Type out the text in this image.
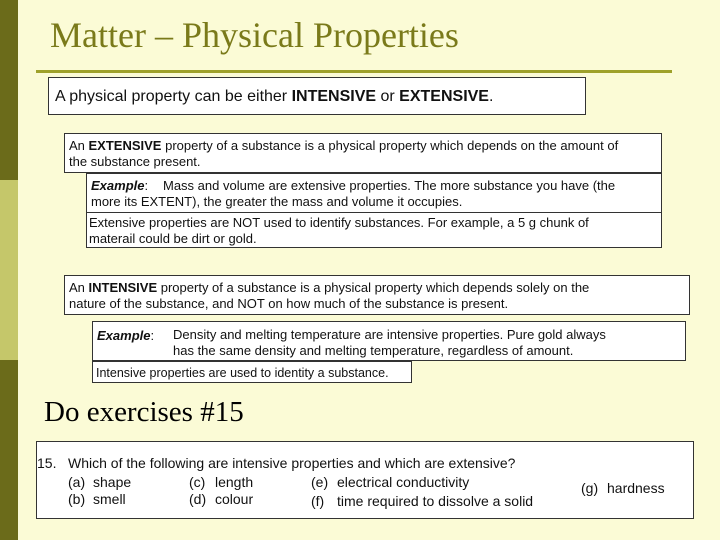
Matter – Physical Properties
A physical property can be either INTENSIVE or EXTENSIVE.
An EXTENSIVE property of a substance is a physical property which depends on the amount of
the substance present.
Example: Mass and volume are extensive properties. The more substance you have (the
more its EXTENT), the greater the mass and volume it occupies.
Extensive properties are NOT used to identify substances. For example, a 5 g chunk of
materail could be dirt or gold.
An INTENSIVE property of a substance is a physical property which depends solely on the
nature of the substance, and NOT on how much of the substance is present.
Example: Density and melting temperature are intensive properties. Pure gold always
has the same density and melting temperature, regardless of amount.
Intensive properties are used to identity a substance.
Do exercises #15
15. Which of the following are intensive properties and which are extensive?
(a) shape
(b) smell
(c) length
(d) colour
(e) electrical conductivity
(f) time required to dissolve a solid
(g) hardness
